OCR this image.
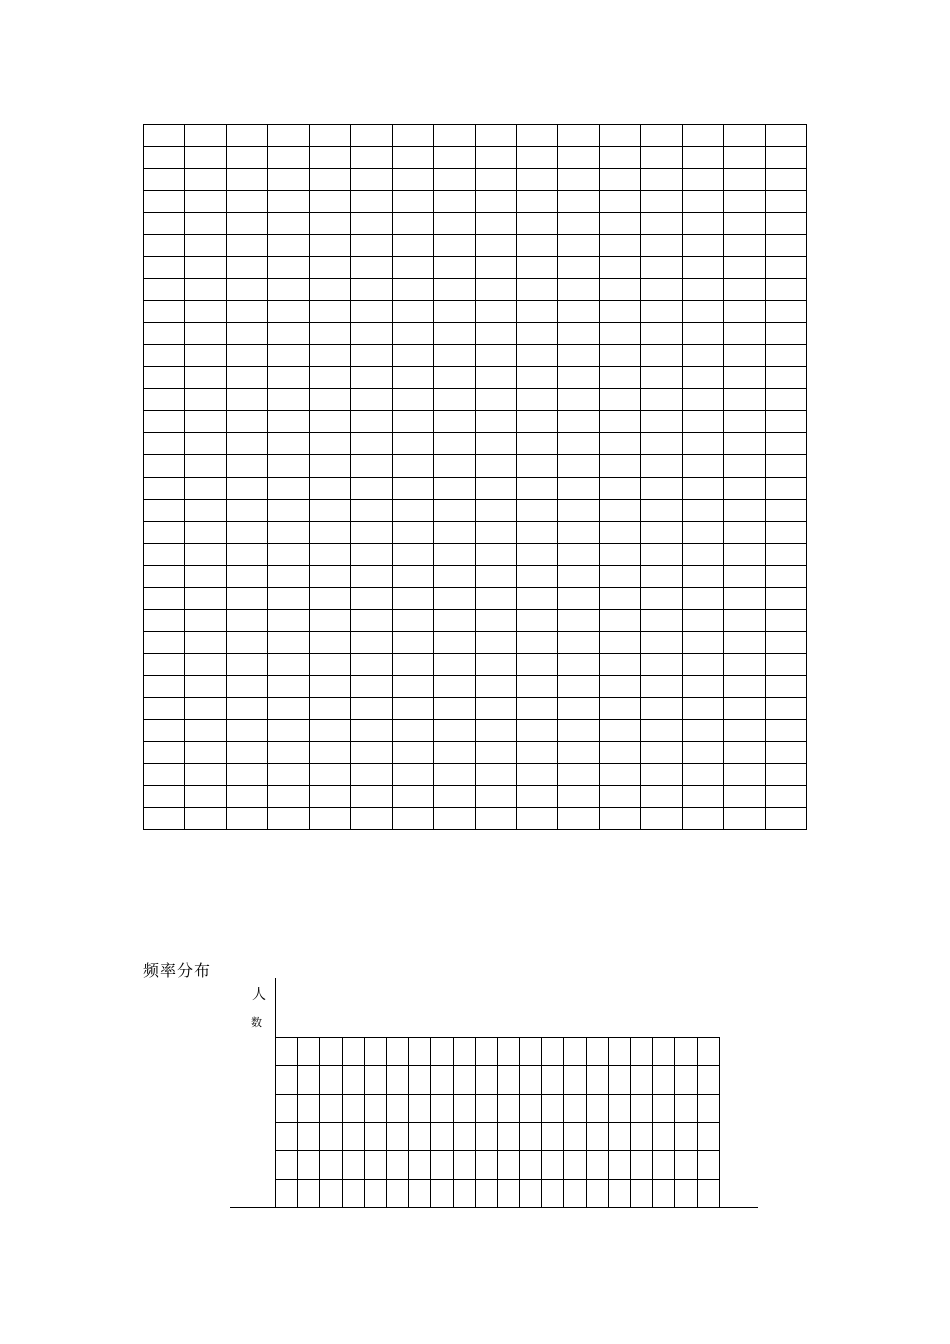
频率分布
人
数
